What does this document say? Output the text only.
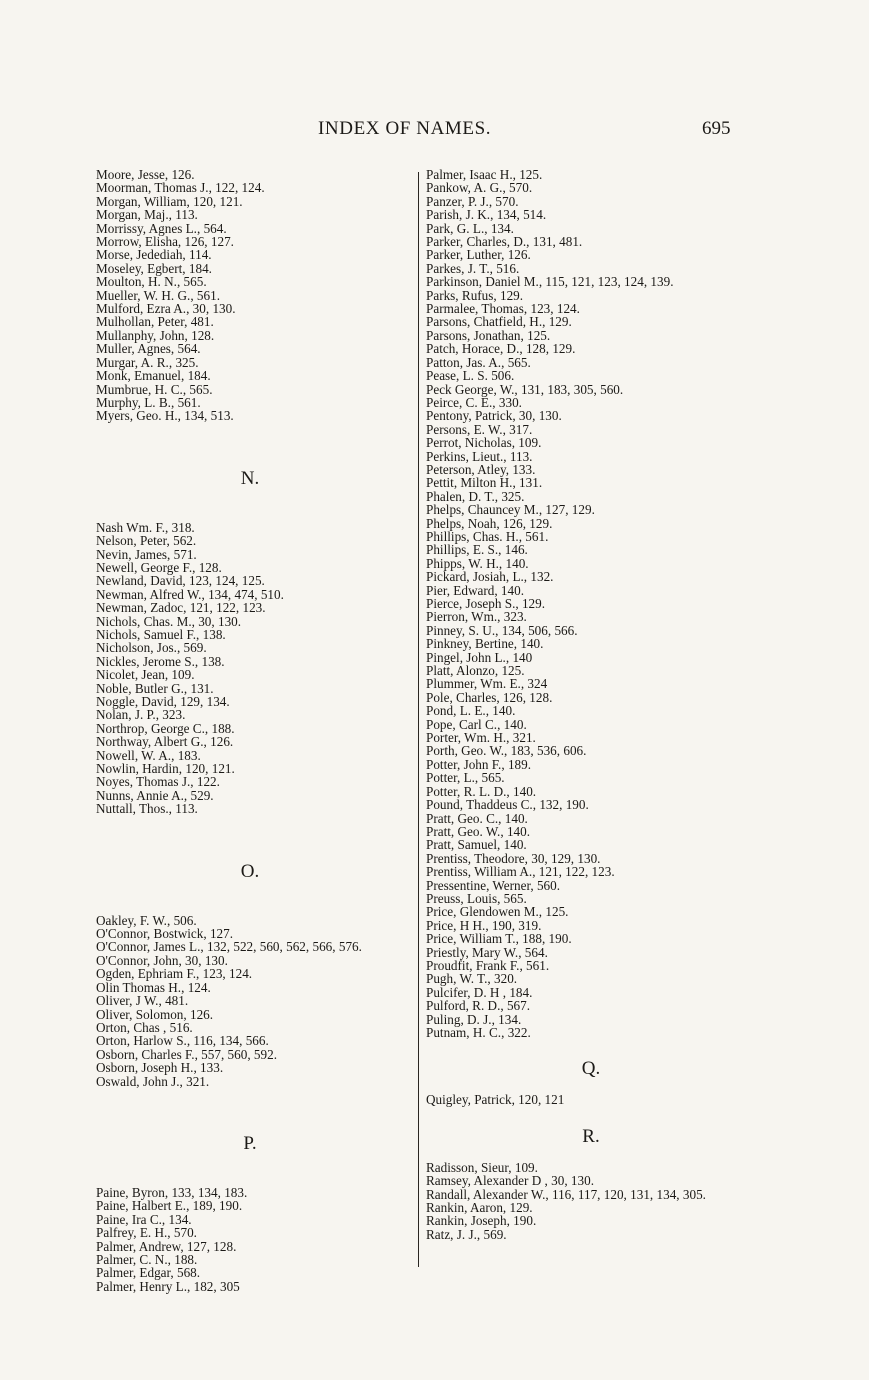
INDEX OF NAMES.	695
Moore, Jesse, 126.
Moorman, Thomas J., 122, 124.
Morgan, William, 120, 121.
Morgan, Maj., 113.
Morrissy, Agnes L., 564.
Morrow, Elisha, 126, 127.
Morse, Jedediah, 114.
Moseley, Egbert, 184.
Moulton, H. N., 565.
Mueller, W. H. G., 561.
Mulford, Ezra A., 30, 130.
Mulhollan, Peter, 481.
Mullanphy, John, 128.
Muller, Agnes, 564.
Murgar, A. R., 325.
Monk, Emanuel, 184.
Mumbrue, H. C., 565.
Murphy, L. B., 561.
Myers, Geo. H., 134, 513.
N.
Nash Wm. F., 318.
Nelson, Peter, 562.
Nevin, James, 571.
Newell, George F., 128.
Newland, David, 123, 124, 125.
Newman, Alfred W., 134, 474, 510.
Newman, Zadoc, 121, 122, 123.
Nichols, Chas. M., 30, 130.
Nichols, Samuel F., 138.
Nicholson, Jos., 569.
Nickles, Jerome S., 138.
Nicolet, Jean, 109.
Noble, Butler G., 131.
Noggle, David, 129, 134.
Nolan, J. P., 323.
Northrop, George C., 188.
Northway, Albert G., 126.
Nowell, W. A., 183.
Nowlin, Hardin, 120, 121.
Noyes, Thomas J., 122.
Nunns, Annie A., 529.
Nuttall, Thos., 113.
O.
Oakley, F. W., 506.
O'Connor, Bostwick, 127.
O'Connor, James L., 132, 522, 560, 562, 566, 576.
O'Connor, John, 30, 130.
Ogden, Ephriam F., 123, 124.
Olin Thomas H., 124.
Oliver, J W., 481.
Oliver, Solomon, 126.
Orton, Chas , 516.
Orton, Harlow S., 116, 134, 566.
Osborn, Charles F., 557, 560, 592.
Osborn, Joseph H., 133.
Oswald, John J., 321.
P.
Paine, Byron, 133, 134, 183.
Paine, Halbert E., 189, 190.
Paine, Ira C., 134.
Palfrey, E. H., 570.
Palmer, Andrew, 127, 128.
Palmer, C. N., 188.
Palmer, Edgar, 568.
Palmer, Henry L., 182, 305
Palmer, Isaac H., 125.
Pankow, A. G., 570.
Panzer, P. J., 570.
Parish, J. K., 134, 514.
Park, G. L., 134.
Parker, Charles, D., 131, 481.
Parker, Luther, 126.
Parkes, J. T., 516.
Parkinson, Daniel M., 115, 121, 123, 124, 139.
Parks, Rufus, 129.
Parmalee, Thomas, 123, 124.
Parsons, Chatfield, H., 129.
Parsons, Jonathan, 125.
Patch, Horace, D., 128, 129.
Patton, Jas. A., 565.
Pease, L. S. 506.
Peck George, W., 131, 183, 305, 560.
Peirce, C. E., 330.
Pentony, Patrick, 30, 130.
Persons, E. W., 317.
Perrot, Nicholas, 109.
Perkins, Lieut., 113.
Peterson, Atley, 133.
Pettit, Milton H., 131.
Phalen, D. T., 325.
Phelps, Chauncey M., 127, 129.
Phelps, Noah, 126, 129.
Phillips, Chas. H., 561.
Phillips, E. S., 146.
Phipps, W. H., 140.
Pickard, Josiah, L., 132.
Pier, Edward, 140.
Pierce, Joseph S., 129.
Pierron, Wm., 323.
Pinney, S. U., 134, 506, 566.
Pinkney, Bertine, 140.
Pingel, John L., 140
Platt, Alonzo, 125.
Plummer, Wm. E., 324
Pole, Charles, 126, 128.
Pond, L. E., 140.
Pope, Carl C., 140.
Porter, Wm. H., 321.
Porth, Geo. W., 183, 536, 606.
Potter, John F., 189.
Potter, L., 565.
Potter, R. L. D., 140.
Pound, Thaddeus C., 132, 190.
Pratt, Geo. C., 140.
Pratt, Geo. W., 140.
Pratt, Samuel, 140.
Prentiss, Theodore, 30, 129, 130.
Prentiss, William A., 121, 122, 123.
Pressentine, Werner, 560.
Preuss, Louis, 565.
Price, Glendowen M., 125.
Price, H H., 190, 319.
Price, William T., 188, 190.
Priestly, Mary W., 564.
Proudfit, Frank F., 561.
Pugh, W. T., 320.
Pulcifer, D. H , 184.
Pulford, R. D., 567.
Puling, D. J., 134.
Putnam, H. C., 322.
Q.
Quigley, Patrick, 120, 121
R.
Radisson, Sieur, 109.
Ramsey, Alexander D , 30, 130.
Randall, Alexander W., 116, 117, 120, 131, 134, 305.
Rankin, Aaron, 129.
Rankin, Joseph, 190.
Ratz, J. J., 569.
